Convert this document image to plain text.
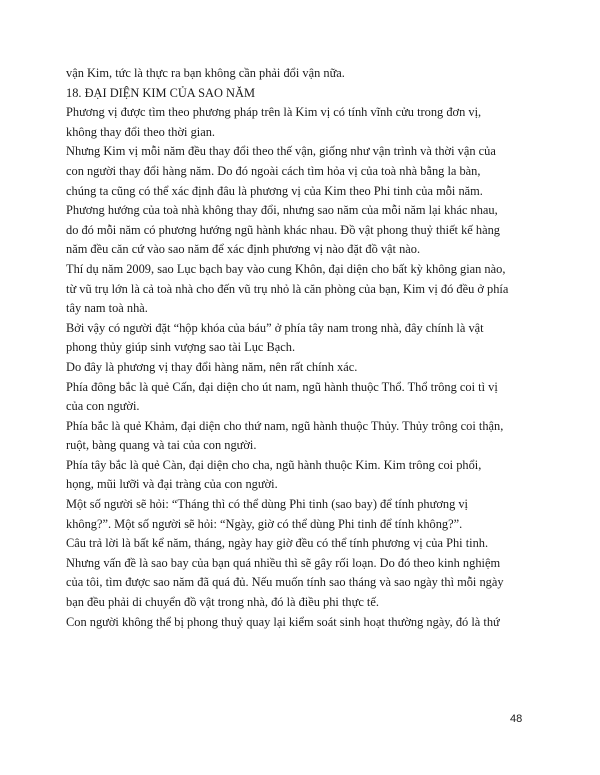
vận Kim, tức là thực ra bạn không cần phải đổi vận nữa.
18. ĐẠI DIỆN KIM CỦA SAO NĂM
Phương vị được tìm theo phương pháp trên là Kim vị có tính vĩnh cửu trong đơn vị,
không thay đổi theo thời gian.
Nhưng Kim vị mỗi năm đều thay đổi theo thế vận, giống như vận trình và thời vận của
con người thay đổi hàng năm. Do đó ngoài cách tìm hỏa vị của toà nhà bằng la bàn,
chúng ta cũng có thể xác định đâu là phương vị của Kim theo Phi tinh của mỗi năm.
Phương hướng của toà nhà không thay đổi, nhưng sao năm của mỗi năm lại khác nhau,
do đó mỗi năm có phương hướng ngũ hành khác nhau. Đồ vật phong thuỷ thiết kế hàng
năm đều căn cứ vào sao năm để xác định phương vị nào đặt đồ vật nào.
Thí dụ năm 2009, sao Lục bạch bay vào cung Khôn, đại diện cho bất kỳ không gian nào,
từ vũ trụ lớn là cả toà nhà cho đến vũ trụ nhỏ là căn phòng của bạn, Kim vị đó đều ở phía
tây nam toà nhà.
Bởi vậy có người đặt “hộp khóa của báu” ở phía tây nam trong nhà, đây chính là vật
phong thủy giúp sinh vượng sao tài Lục Bạch.
Do đây là phương vị thay đổi hàng năm, nên rất chính xác.
Phía đông bắc là quẻ Cấn, đại diện cho út nam, ngũ hành thuộc Thổ. Thổ trông coi tì vị
của con người.
Phía bắc là quẻ Khảm, đại diện cho thứ nam, ngũ hành thuộc Thủy. Thủy trông coi thận,
ruột, bàng quang và tai của con người.
Phía tây bắc là quẻ Càn, đại diện cho cha, ngũ hành thuộc Kim. Kim trông coi phổi,
họng, mũi lưỡi và đại tràng của con người.
Một số người sẽ hỏi: “Tháng thì có thể dùng Phi tinh (sao bay) để tính phương vị
không?”. Một số người sẽ hỏi: “Ngày, giờ có thể dùng Phi tinh để tính không?”.
Câu trả lời là bất kể năm, tháng, ngày hay giờ đều có thể tính phương vị của Phi tinh.
Nhưng vấn đề là sao bay của bạn quá nhiều thì sẽ gây rối loạn. Do đó theo kinh nghiệm
của tôi, tìm được sao năm đã quá đủ. Nếu muốn tính sao tháng và sao ngày thì mỗi ngày
bạn đều phải di chuyển đồ vật trong nhà, đó là điều phi thực tế.
Con người không thể bị phong thuỷ quay lại kiểm soát sinh hoạt thường ngày, đó là thứ
48
